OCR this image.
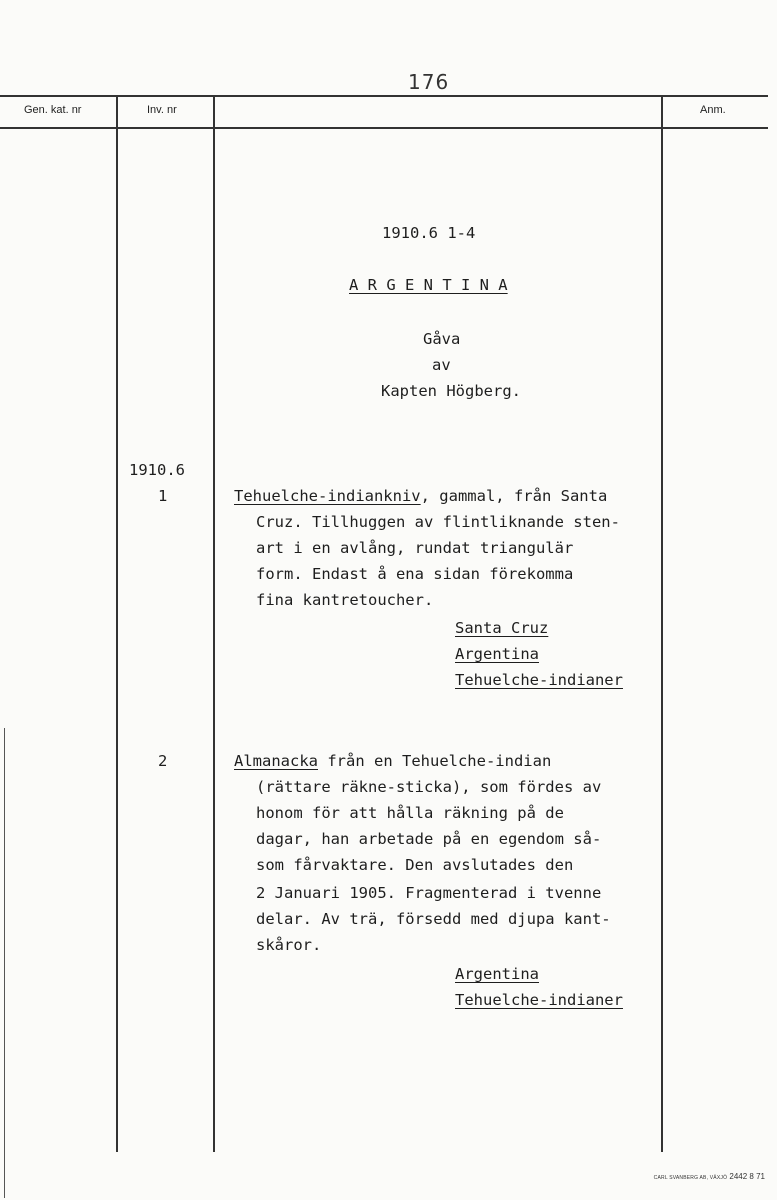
176
Gen. kat. nr	Inv. nr	Anm.
1910.6 1-4
A R G E N T I N A
Gåva
av
Kapten Högberg.
1910.6
1	Tehuelche-indiankniv, gammal, från Santa
Cruz. Tillhuggen av flintliknande sten-
art i en avlång, rundat triangulär
form. Endast å ena sidan förekomma
fina kantretoucher.
Santa Cruz
Argentina
Tehuelche-indianer
2	Almanacka från en Tehuelche-indian
(rättare räkne-sticka), som fördes av
honom för att hålla räkning på de
dagar, han arbetade på en egendom så-
som fårvaktare. Den avslutades den
2 Januari 1905. Fragmenterad i tvenne
delar. Av trä, försedd med djupa kant-
skåror.
Argentina
Tehuelche-indianer
CARL SVANBERG AB, VÄXJÖ 2442 8 71
